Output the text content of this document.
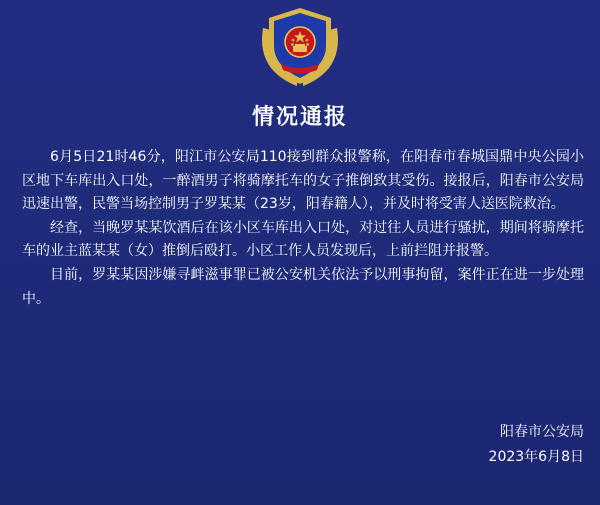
情况通报

6月5日21时46分，阳江市公安局110接到群众报警称，在阳春市春城国鼎中央公园小区地下车库出入口处，一醉酒男子将骑摩托车的女子推倒致其受伤。接报后，阳春市公安局迅速出警，民警当场控制男子罗某某（23岁，阳春籍人），并及时将受害人送医院救治。

经查，当晚罗某某饮酒后在该小区车库出入口处，对过往人员进行骚扰，期间将骑摩托车的业主蓝某某（女）推倒后殴打。小区工作人员发现后，上前拦阻并报警。

目前，罗某某因涉嫌寻衅滋事罪已被公安机关依法予以刑事拘留，案件正在进一步处理中。

阳春市公安局
2023年6月8日
